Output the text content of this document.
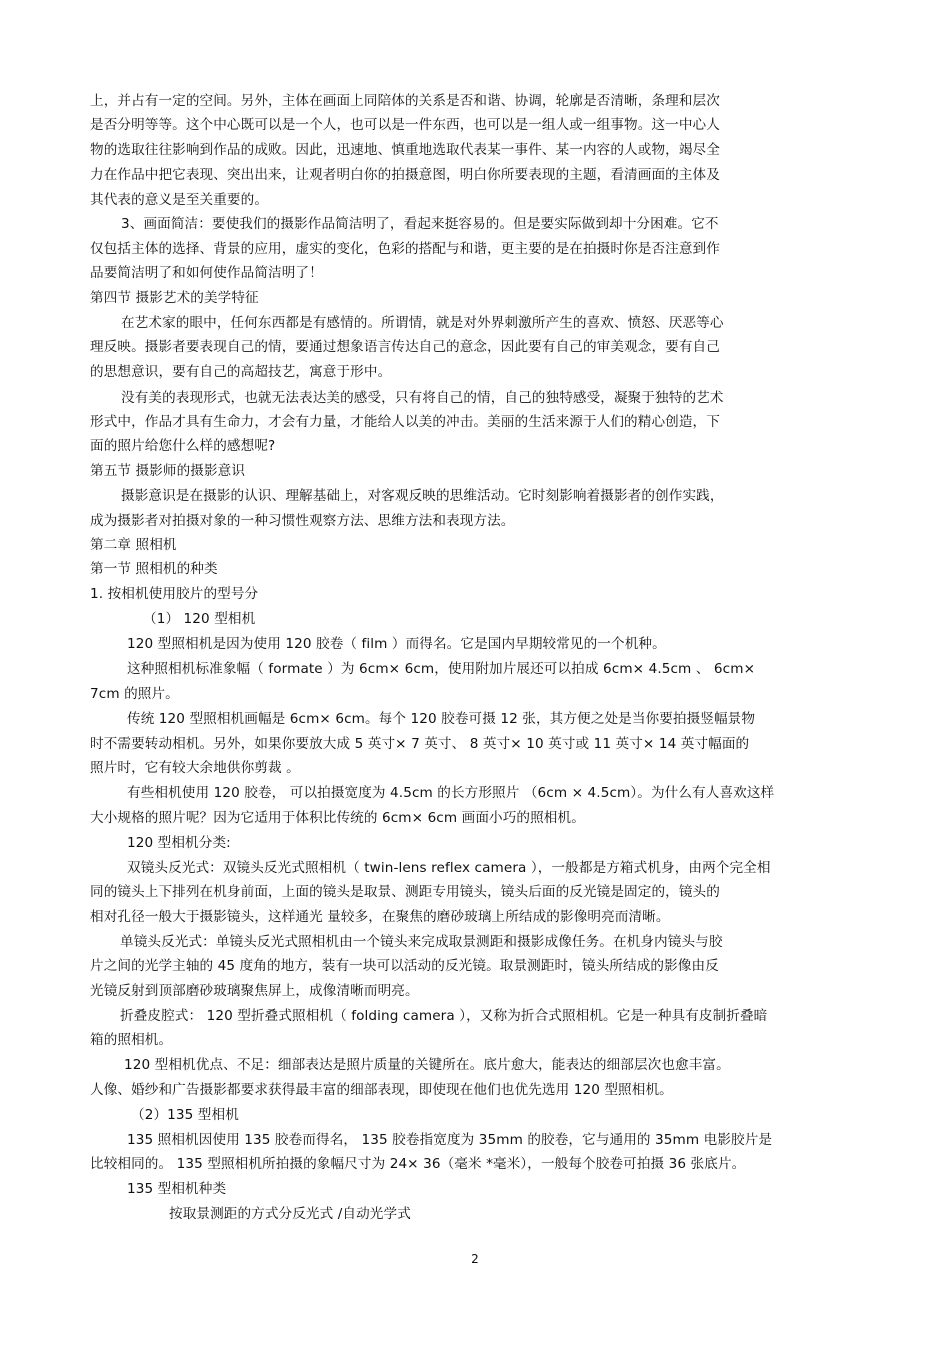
上，并占有一定的空间。另外，主体在画面上同陪体的关系是否和谐、协调，轮廓是否清晰，条理和层次
是否分明等等。这个中心既可以是一个人，也可以是一件东西，也可以是一组人或一组事物。这一中心人
物的选取往往影响到作品的成败。因此，迅速地、慎重地选取代表某一事件、某一内容的人或物，竭尽全
力在作品中把它表现、突出出来，让观者明白你的拍摄意图，明白你所要表现的主题，看清画面的主体及
其代表的意义是至关重要的。
3、画面简洁：要使我们的摄影作品简洁明了，看起来挺容易的。但是要实际做到却十分困难。它不
仅包括主体的选择、背景的应用，虚实的变化，色彩的搭配与和谐，更主要的是在拍摄时你是否注意到作
品要简洁明了和如何使作品简洁明了！
第四节 摄影艺术的美学特征
在艺术家的眼中，任何东西都是有感情的。所谓情，就是对外界刺激所产生的喜欢、愤怒、厌恶等心
理反映。摄影者要表现自己的情，要通过想象语言传达自己的意念，因此要有自己的审美观念，要有自己
的思想意识，要有自己的高超技艺，寓意于形中。
没有美的表现形式，也就无法表达美的感受，只有将自己的情，自己的独特感受，凝聚于独特的艺术
形式中，作品才具有生命力，才会有力量，才能给人以美的冲击。美丽的生活来源于人们的精心创造，下
面的照片给您什么样的感想呢?
第五节 摄影师的摄影意识
摄影意识是在摄影的认识、理解基础上，对客观反映的思维活动。它时刻影响着摄影者的创作实践，
成为摄影者对拍摄对象的一种习惯性观察方法、思维方法和表现方法。
第二章 照相机
第一节 照相机的种类
1. 按相机使用胶片的型号分
（1） 120 型相机
120 型照相机是因为使用 120 胶卷（ film ）而得名。它是国内早期较常见的一个机种。
这种照相机标准象幅（ formate ）为 6cm× 6cm，使用附加片展还可以拍成 6cm× 4.5cm 、 6cm×
7cm 的照片。
传统 120 型照相机画幅是 6cm× 6cm。每个 120 胶卷可摄 12 张，其方便之处是当你要拍摄竖幅景物
时不需要转动相机。另外，如果你要放大成 5 英寸× 7 英寸、 8 英寸× 10 英寸或 11 英寸× 14 英寸幅面的
照片时，它有较大余地供你剪裁 。
有些相机使用 120 胶卷， 可以拍摄宽度为 4.5cm 的长方形照片 （6cm × 4.5cm）。为什么有人喜欢这样
大小规格的照片呢？因为它适用于体积比传统的 6cm× 6cm 画面小巧的照相机。
120 型相机分类:
双镜头反光式：双镜头反光式照相机（ twin-lens reflex camera ），一般都是方箱式机身，由两个完全相
同的镜头上下排列在机身前面，上面的镜头是取景、测距专用镜头，镜头后面的反光镜是固定的，镜头的
相对孔径一般大于摄影镜头，这样通光 量较多，在聚焦的磨砂玻璃上所结成的影像明亮而清晰。
单镜头反光式：单镜头反光式照相机由一个镜头来完成取景测距和摄影成像任务。在机身内镜头与胶
片之间的光学主轴的 45 度角的地方，装有一块可以活动的反光镜。取景测距时，镜头所结成的影像由反
光镜反射到顶部磨砂玻璃聚焦屏上，成像清晰而明亮。
折叠皮腔式： 120 型折叠式照相机（ folding camera ），又称为折合式照相机。它是一种具有皮制折叠暗
箱的照相机。
120 型相机优点、不足：细部表达是照片质量的关键所在。底片愈大，能表达的细部层次也愈丰富。
人像、婚纱和广告摄影都要求获得最丰富的细部表现，即使现在他们也优先选用 120 型照相机。
（2）135 型相机
135 照相机因使用 135 胶卷而得名， 135 胶卷指宽度为 35mm 的胶卷，它与通用的 35mm 电影胶片是
比较相同的。 135 型照相机所拍摄的象幅尺寸为 24× 36（毫米 *毫米），一般每个胶卷可拍摄 36 张底片。
135 型相机种类
按取景测距的方式分反光式 /自动光学式
2
